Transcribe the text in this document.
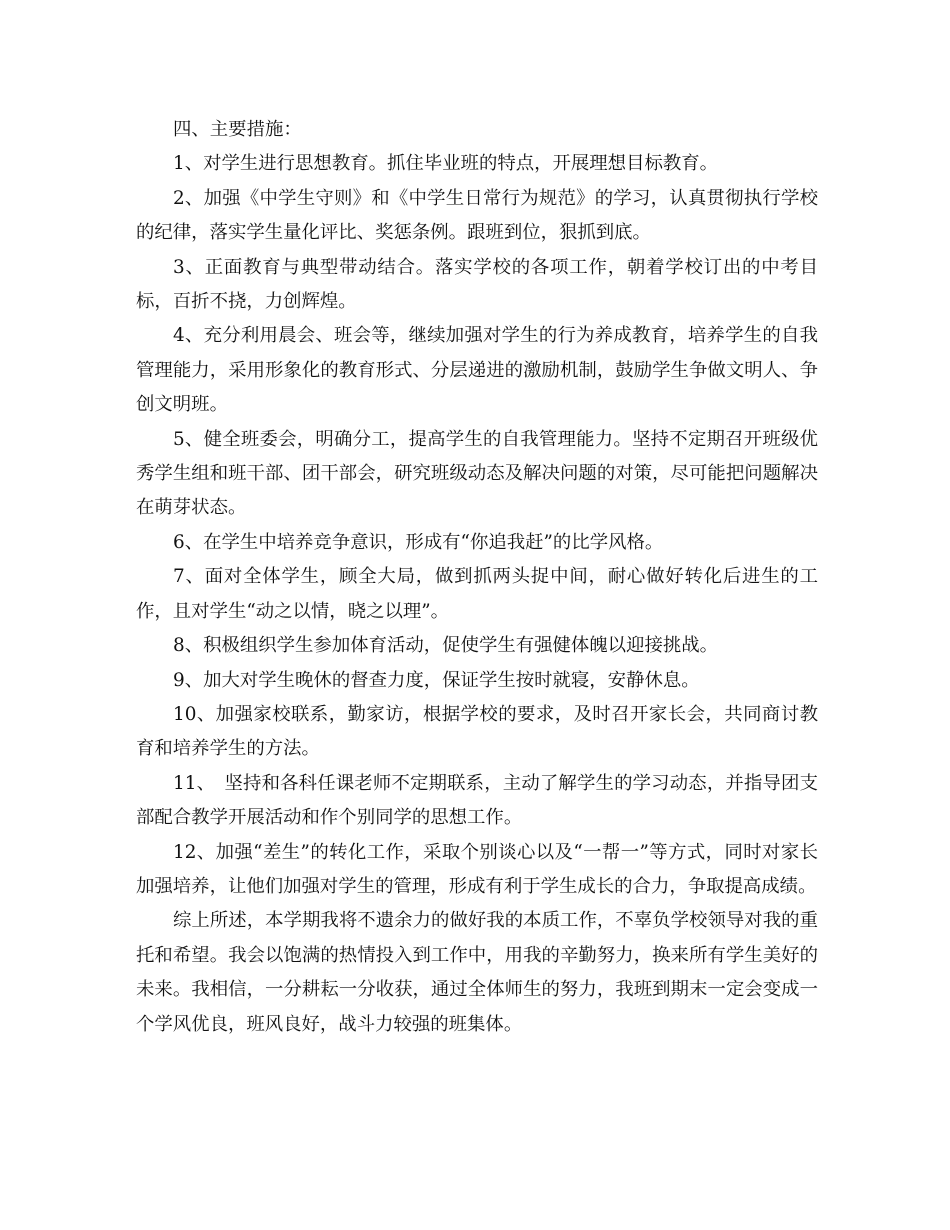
四、主要措施：

1、对学生进行思想教育。抓住毕业班的特点，开展理想目标教育。

2、加强《中学生守则》和《中学生日常行为规范》的学习，认真贯彻执行学校的纪律，落实学生量化评比、奖惩条例。跟班到位，狠抓到底。

3、正面教育与典型带动结合。落实学校的各项工作，朝着学校订出的中考目标，百折不挠，力创辉煌。

4、充分利用晨会、班会等，继续加强对学生的行为养成教育，培养学生的自我管理能力，采用形象化的教育形式、分层递进的激励机制，鼓励学生争做文明人、争创文明班。

5、健全班委会，明确分工，提高学生的自我管理能力。坚持不定期召开班级优秀学生组和班干部、团干部会，研究班级动态及解决问题的对策，尽可能把问题解决在萌芽状态。

6、在学生中培养竞争意识，形成有“你追我赶”的比学风格。

7、面对全体学生，顾全大局，做到抓两头捉中间，耐心做好转化后进生的工作，且对学生“动之以情，晓之以理”。

8、积极组织学生参加体育活动，促使学生有强健体魄以迎接挑战。

9、加大对学生晚休的督查力度，保证学生按时就寝，安静休息。

10、加强家校联系，勤家访，根据学校的要求，及时召开家长会，共同商讨教育和培养学生的方法。

11、　坚持和各科任课老师不定期联系，主动了解学生的学习动态，并指导团支部配合教学开展活动和作个别同学的思想工作。

12、加强“差生”的转化工作，采取个别谈心以及“一帮一”等方式，同时对家长加强培养，让他们加强对学生的管理，形成有利于学生成长的合力，争取提高成绩。

综上所述，本学期我将不遗余力的做好我的本质工作，不辜负学校领导对我的重托和希望。我会以饱满的热情投入到工作中，用我的辛勤努力，换来所有学生美好的未来。我相信，一分耕耘一分收获，通过全体师生的努力，我班到期末一定会变成一个学风优良，班风良好，战斗力较强的班集体。
